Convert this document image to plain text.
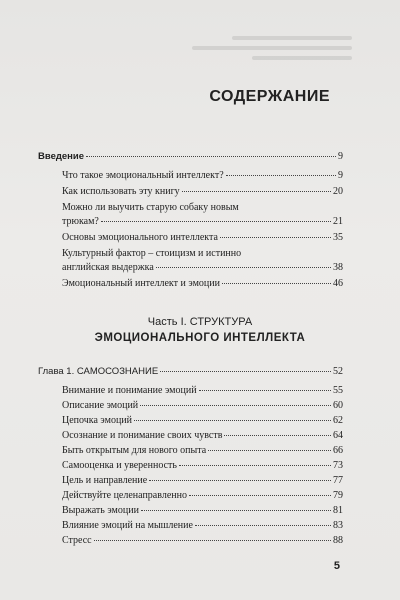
СОДЕРЖАНИЕ
Введение	9
Что такое эмоциональный интеллект?	9
Как использовать эту книгу	20
Можно ли выучить старую собаку новым
трюкам?	21
Основы эмоционального интеллекта	35
Культурный фактор – стоицизм и истинно
английская выдержка	38
Эмоциональный интеллект и эмоции	46
Часть I. СТРУКТУРА
ЭМОЦИОНАЛЬНОГО ИНТЕЛЛЕКТА
Глава 1. САМОСОЗНАНИЕ	52
Внимание и понимание эмоций	55
Описание эмоций	60
Цепочка эмоций	62
Осознание и понимание своих чувств	64
Быть открытым для нового опыта	66
Самооценка и уверенность	73
Цель и направление	77
Действуйте целенаправленно	79
Выражать эмоции	81
Влияние эмоций на мышление	83
Стресс	88
5
